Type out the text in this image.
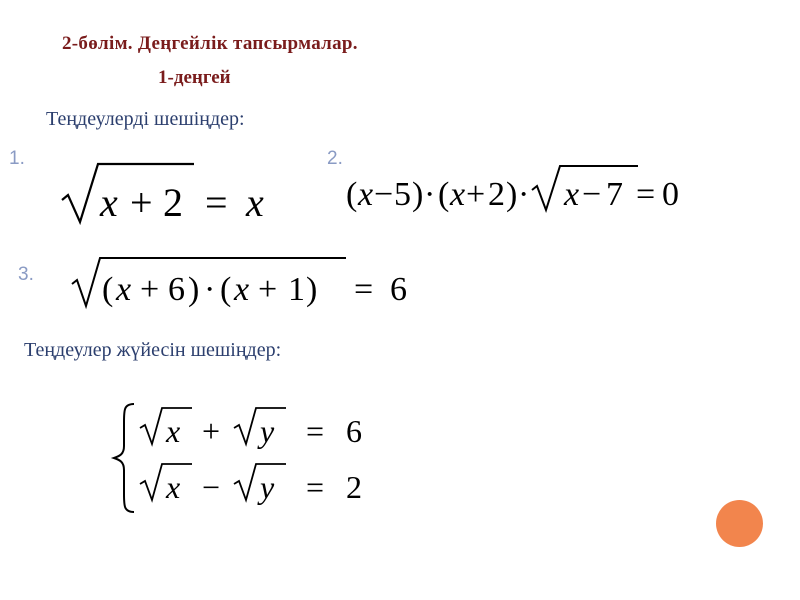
2-бөлім. Деңгейлік тапсырмалар.
1-деңгей
Теңдеулерді шешіңдер:
1.	2.
3.
x + 2 = x ( x − 5 ) · ( x + 2 ) · x − 7 = 0
( x + 6 ) · ( x + 1 ) = 6
Теңдеулер жүйесін шешіңдер:
x + y = 6
x − y = 2
